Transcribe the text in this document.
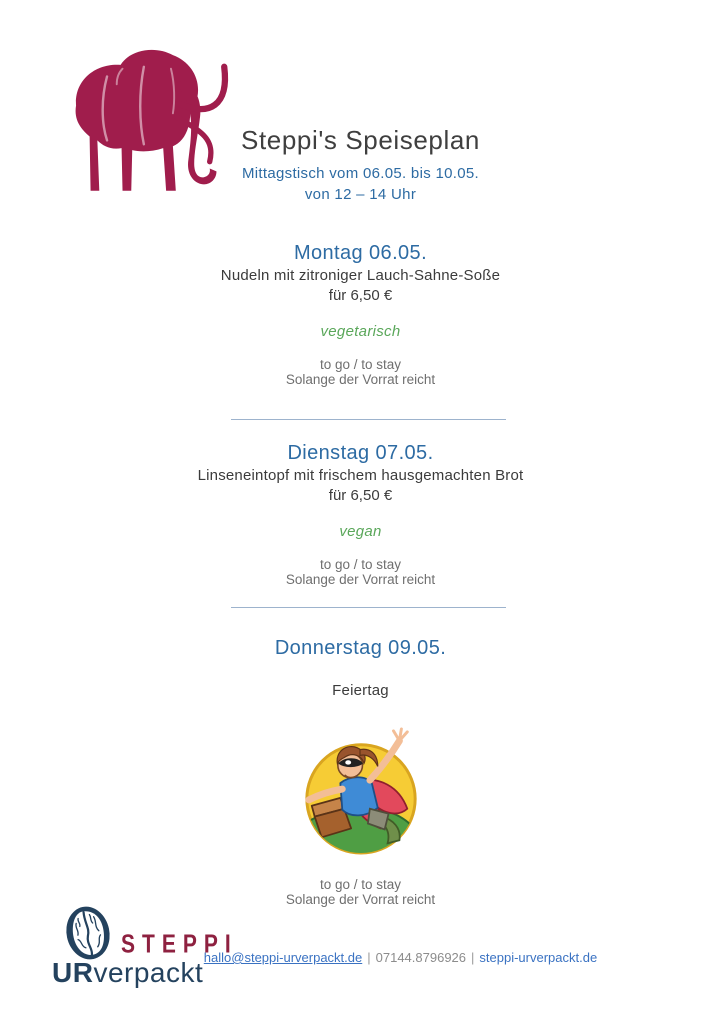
Steppi's Speiseplan
Mittagstisch vom 06.05. bis 10.05.
von 12 – 14 Uhr
Montag 06.05.
Nudeln mit zitroniger Lauch-Sahne-Soße
für 6,50 €
vegetarisch
to go / to stay
Solange der Vorrat reicht
Dienstag 07.05.
Linseneintopf mit frischem hausgemachten Brot
für 6,50 €
vegan
to go / to stay
Solange der Vorrat reicht
Donnerstag 09.05.
Feiertag
to go / to stay
Solange der Vorrat reicht
STEPPI
URverpackt hallo@steppi-urverpackt.de | 07144.8796926 | steppi-urverpackt.de
